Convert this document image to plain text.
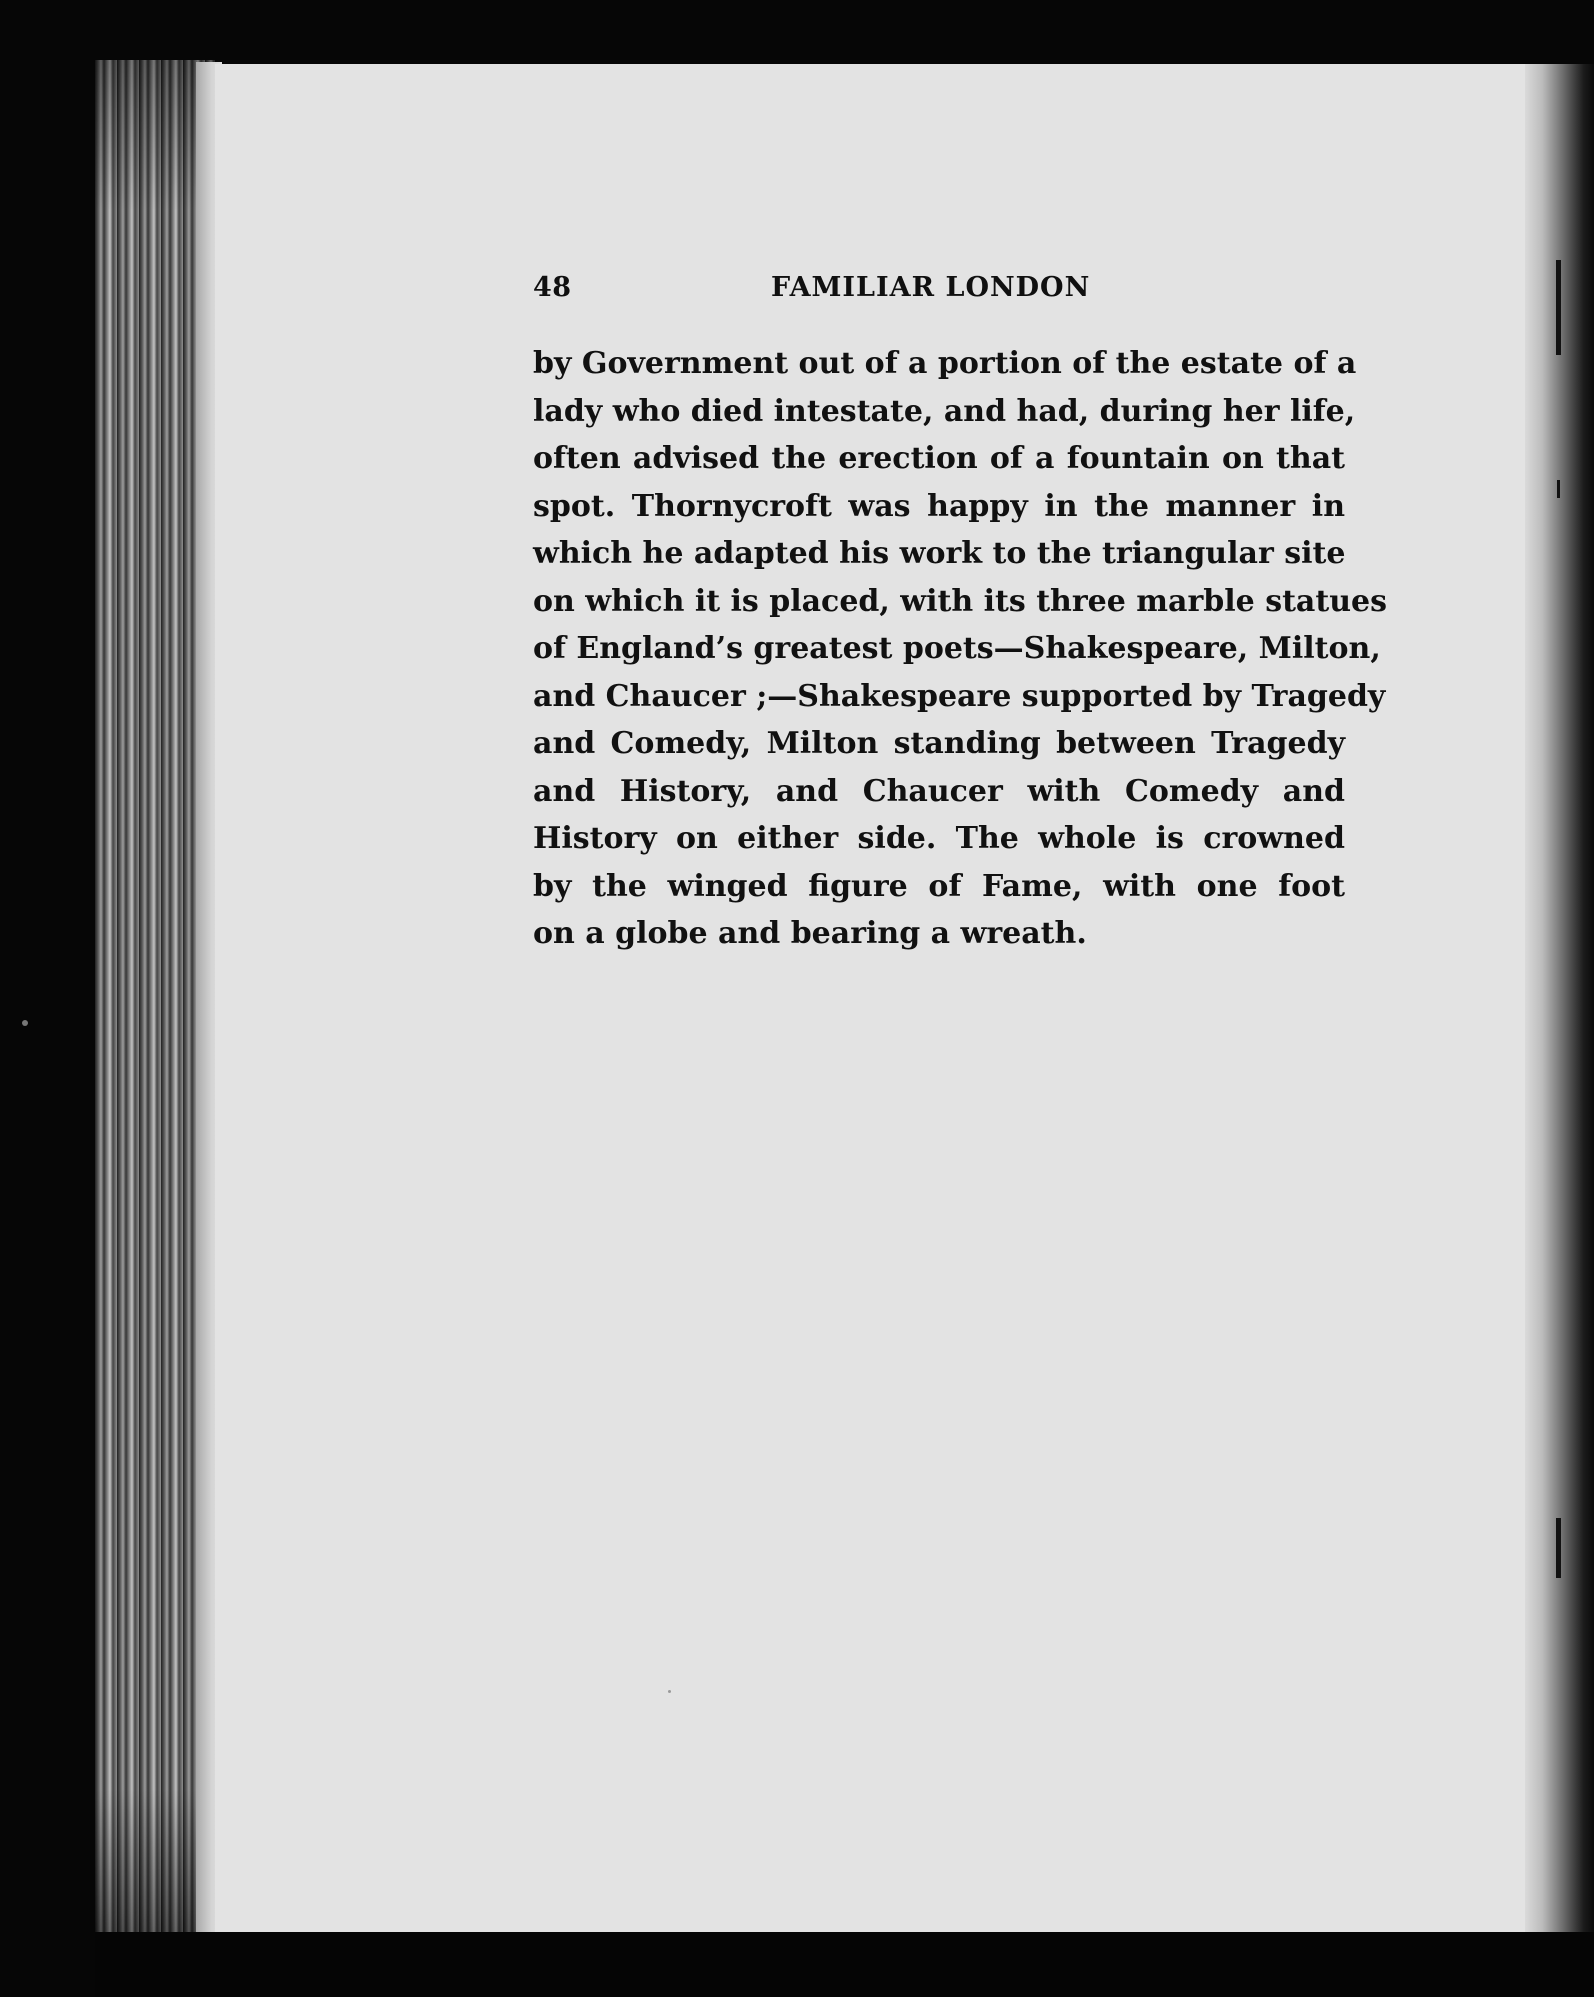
48	FAMILIAR LONDON
by Government out of a portion of the estate of a
lady who died intestate, and had, during her life,
often advised the erection of a fountain on that
spot. Thornycroft was happy in the manner in
which he adapted his work to the triangular site
on which it is placed, with its three marble statues
of England’s greatest poets—Shakespeare, Milton,
and Chaucer ;—Shakespeare supported by Tragedy
and Comedy, Milton standing between Tragedy
and History, and Chaucer with Comedy and
History on either side. The whole is crowned
by the winged figure of Fame, with one foot
on a globe and bearing a wreath.
